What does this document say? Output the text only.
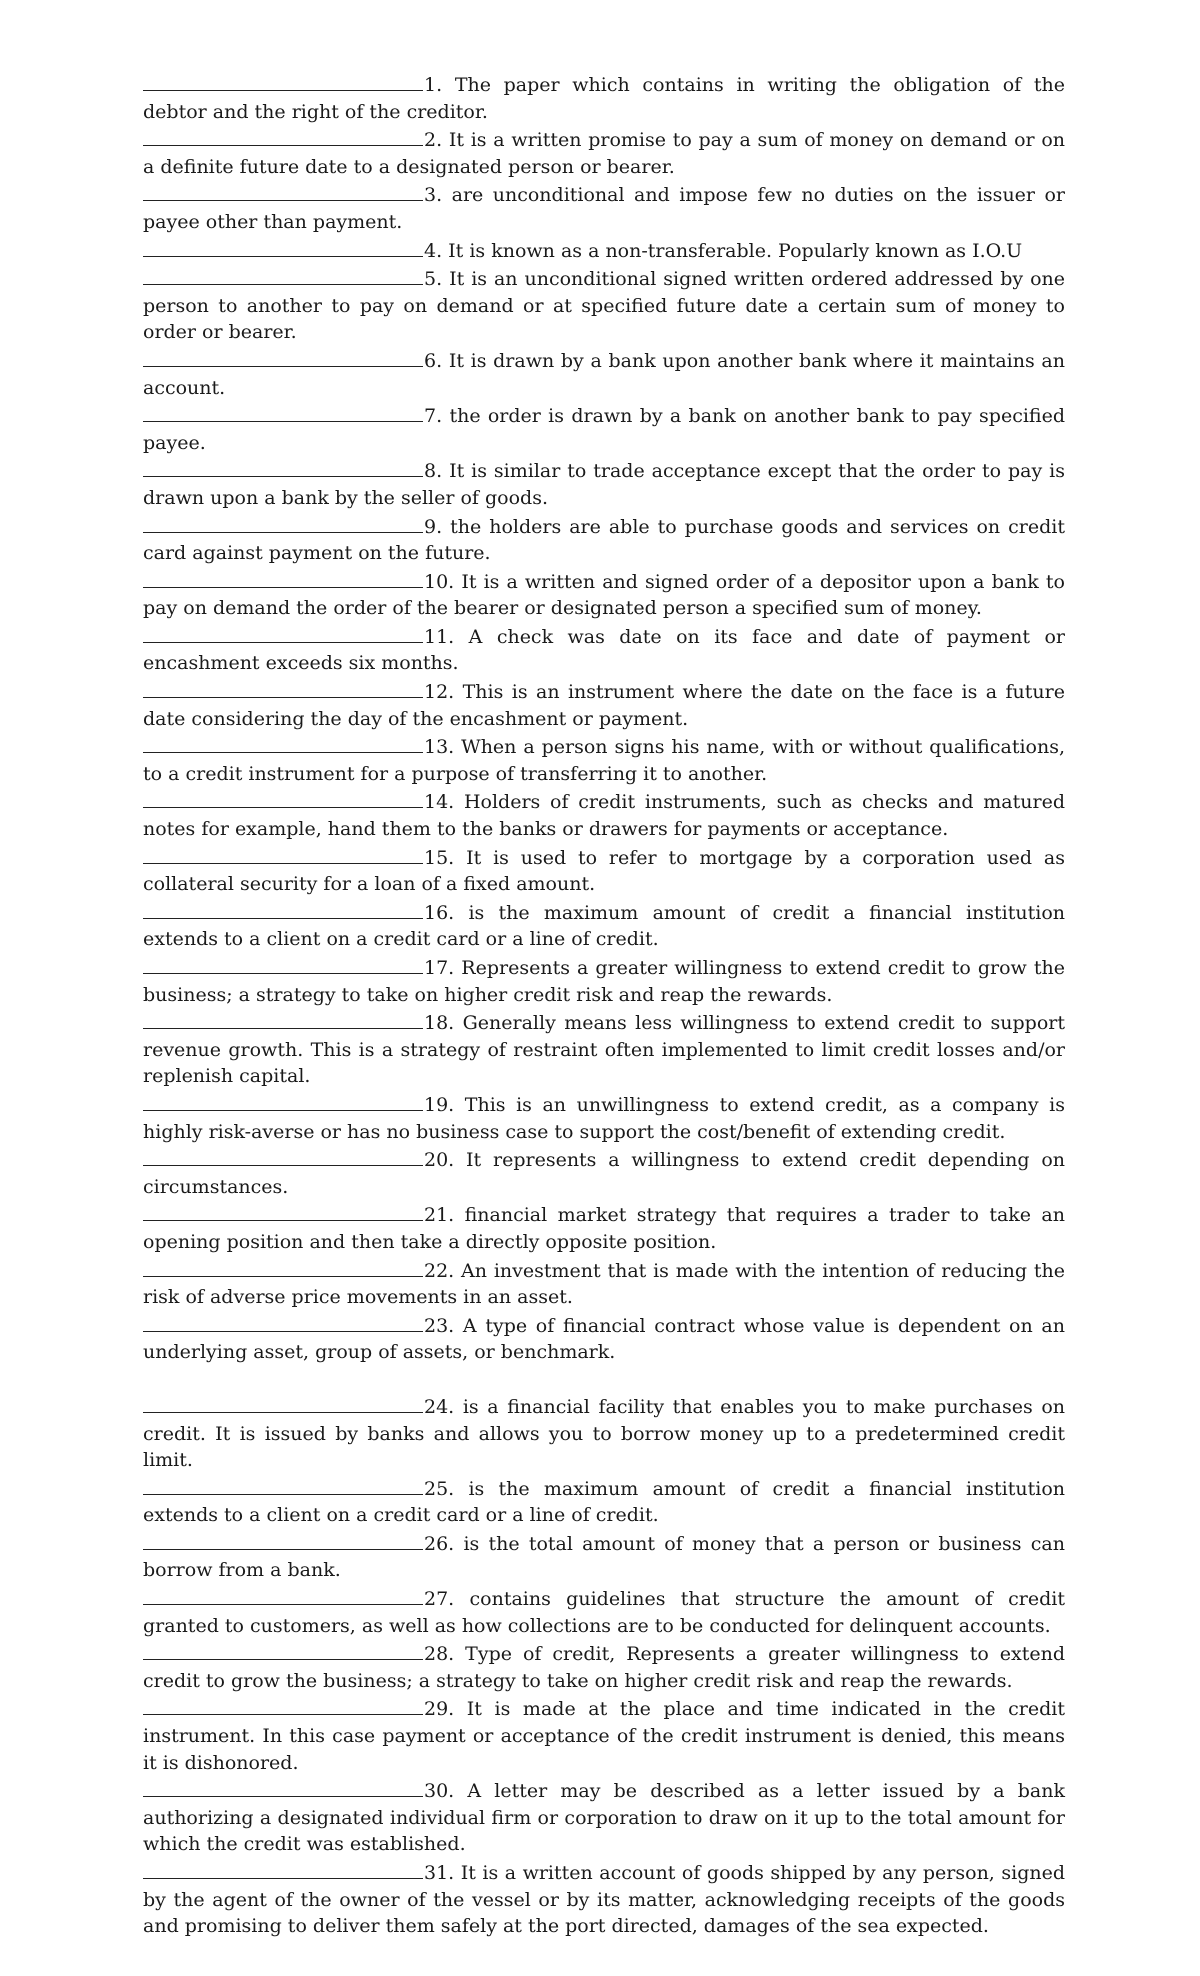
1. The paper which contains in writing the obligation of the debtor and the right of the creditor.

2. It is a written promise to pay a sum of money on demand or on a definite future date to a designated person or bearer.

3. are unconditional and impose few no duties on the issuer or payee other than payment.

4. It is known as a non-transferable. Popularly known as I.O.U

5. It is an unconditional signed written ordered addressed by one person to another to pay on demand or at specified future date a certain sum of money to order or bearer.

6. It is drawn by a bank upon another bank where it maintains an account.

7. the order is drawn by a bank on another bank to pay specified payee.

8. It is similar to trade acceptance except that the order to pay is drawn upon a bank by the seller of goods.

9. the holders are able to purchase goods and services on credit card against payment on the future.

10. It is a written and signed order of a depositor upon a bank to pay on demand the order of the bearer or designated person a specified sum of money.

11. A check was date on its face and date of payment or encashment exceeds six months.

12. This is an instrument where the date on the face is a future date considering the day of the encashment or payment.

13. When a person signs his name, with or without qualifications, to a credit instrument for a purpose of transferring it to another.

14. Holders of credit instruments, such as checks and matured notes for example, hand them to the banks or drawers for payments or acceptance.

15. It is used to refer to mortgage by a corporation used as collateral security for a loan of a fixed amount.

16. is the maximum amount of credit a financial institution extends to a client on a credit card or a line of credit.

17. Represents a greater willingness to extend credit to grow the business; a strategy to take on higher credit risk and reap the rewards.

18. Generally means less willingness to extend credit to support revenue growth. This is a strategy of restraint often implemented to limit credit losses and/or replenish capital.

19. This is an unwillingness to extend credit, as a company is highly risk-averse or has no business case to support the cost/benefit of extending credit.

20. It represents a willingness to extend credit depending on circumstances.

21. financial market strategy that requires a trader to take an opening position and then take a directly opposite position.

22. An investment that is made with the intention of reducing the risk of adverse price movements in an asset.

23. A type of financial contract whose value is dependent on an underlying asset, group of assets, or benchmark.

24. is a financial facility that enables you to make purchases on credit. It is issued by banks and allows you to borrow money up to a predetermined credit limit.

25. is the maximum amount of credit a financial institution extends to a client on a credit card or a line of credit.

26. is the total amount of money that a person or business can borrow from a bank.

27. contains guidelines that structure the amount of credit granted to customers, as well as how collections are to be conducted for delinquent accounts.

28. Type of credit, Represents a greater willingness to extend credit to grow the business; a strategy to take on higher credit risk and reap the rewards.

29. It is made at the place and time indicated in the credit instrument. In this case payment or acceptance of the credit instrument is denied, this means it is dishonored.

30. A letter may be described as a letter issued by a bank authorizing a designated individual firm or corporation to draw on it up to the total amount for which the credit was established.

31. It is a written account of goods shipped by any person, signed by the agent of the owner of the vessel or by its matter, acknowledging receipts of the goods and promising to deliver them safely at the port directed, damages of the sea expected.
